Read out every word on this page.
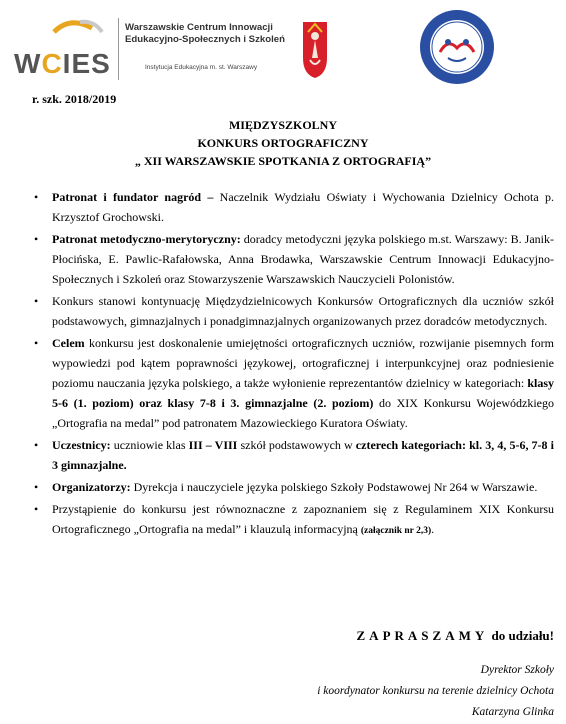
WCIES
Warszawskie Centrum Innowacji
Edukacyjno-Społecznych i Szkoleń
Instytucja Edukacyjna m. st. Warszawy
r. szk. 2018/2019
MIĘDZYSZKOLNY
KONKURS ORTOGRAFICZNY
„ XII WARSZAWSKIE SPOTKANIA Z ORTOGRAFIĄ”
• Patronat i fundator nagród – Naczelnik Wydziału Oświaty i Wychowania Dzielnicy Ochota p. Krzysztof Grochowski.
• Patronat metodyczno-merytoryczny: doradcy metodyczni języka polskiego m.st. Warszawy: B. Janik-Płocińska, E. Pawlic-Rafałowska, Anna Brodawka, Warszawskie Centrum Innowacji Edukacyjno-Społecznych i Szkoleń oraz Stowarzyszenie Warszawskich Nauczycieli Polonistów.
• Konkurs stanowi kontynuację Międzydzielnicowych Konkursów Ortograficznych dla uczniów szkół podstawowych, gimnazjalnych i ponadgimnazjalnych organizowanych przez doradców metodycznych.
• Celem konkursu jest doskonalenie umiejętności ortograficznych uczniów, rozwijanie pisemnych form wypowiedzi pod kątem poprawności językowej, ortograficznej i interpunkcyjnej oraz podniesienie poziomu nauczania języka polskiego, a także wyłonienie reprezentantów dzielnicy w kategoriach: klasy 5-6 (1. poziom) oraz klasy 7-8 i 3. gimnazjalne (2. poziom) do XIX Konkursu Wojewódzkiego „Ortografia na medal” pod patronatem Mazowieckiego Kuratora Oświaty.
• Uczestnicy: uczniowie klas III – VIII szkół podstawowych w czterech kategoriach: kl. 3, 4, 5-6, 7-8 i 3 gimnazjalne.
• Organizatorzy: Dyrekcja i nauczyciele języka polskiego Szkoły Podstawowej Nr 264 w Warszawie.
• Przystąpienie do konkursu jest równoznaczne z zapoznaniem się z Regulaminem XIX Konkursu Ortograficznego „Ortografia na medal” i klauzulą informacyjną (załącznik nr 2,3).
ZAPRASZAMY do udziału!
Dyrektor Szkoły
i koordynator konkursu na terenie dzielnicy Ochota
Katarzyna Glinka
